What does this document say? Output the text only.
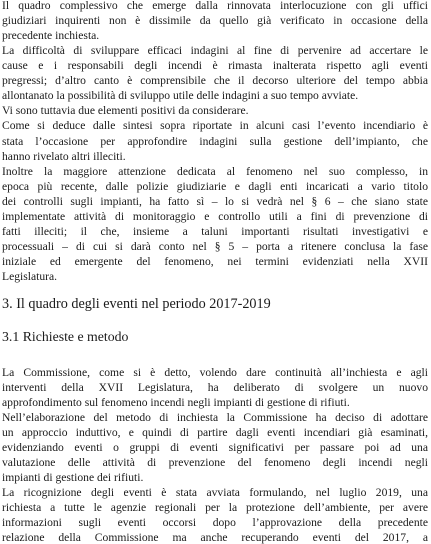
Il quadro complessivo che emerge dalla rinnovata interlocuzione con gli uffici
giudiziari inquirenti non è dissimile da quello già verificato in occasione della
precedente inchiesta.
La difficoltà di sviluppare efficaci indagini al fine di pervenire ad accertare le
cause e i responsabili degli incendi è rimasta inalterata rispetto agli eventi
pregressi; d’altro canto è comprensibile che il decorso ulteriore del tempo abbia
allontanato la possibilità di sviluppo utile delle indagini a suo tempo avviate.
Vi sono tuttavia due elementi positivi da considerare.
Come si deduce dalle sintesi sopra riportate in alcuni casi l’evento incendiario è
stata l’occasione per approfondire indagini sulla gestione dell’impianto, che
hanno rivelato altri illeciti.
Inoltre la maggiore attenzione dedicata al fenomeno nel suo complesso, in
epoca più recente, dalle polizie giudiziarie e dagli enti incaricati a vario titolo
dei controlli sugli impianti, ha fatto sì – lo si vedrà nel § 6 – che siano state
implementate attività di monitoraggio e controllo utili a fini di prevenzione di
fatti illeciti; il che, insieme a taluni importanti risultati investigativi e
processuali – di cui si darà conto nel § 5 – porta a ritenere conclusa la fase
iniziale ed emergente del fenomeno, nei termini evidenziati nella XVII
Legislatura.
3. Il quadro degli eventi nel periodo 2017-2019
3.1 Richieste e metodo
La Commissione, come si è detto, volendo dare continuità all’inchiesta e agli
interventi della XVII Legislatura, ha deliberato di svolgere un nuovo
approfondimento sul fenomeno incendi negli impianti di gestione di rifiuti.
Nell’elaborazione del metodo di inchiesta la Commissione ha deciso di adottare
un approccio induttivo, e quindi di partire dagli eventi incendiari già esaminati,
evidenziando eventi o gruppi di eventi significativi per passare poi ad una
valutazione delle attività di prevenzione del fenomeno degli incendi negli
impianti di gestione dei rifiuti.
La ricognizione degli eventi è stata avviata formulando, nel luglio 2019, una
richiesta a tutte le agenzie regionali per la protezione dell’ambiente, per avere
informazioni sugli eventi occorsi dopo l’approvazione della precedente
relazione della Commissione ma anche recuperando eventi del 2017, a
